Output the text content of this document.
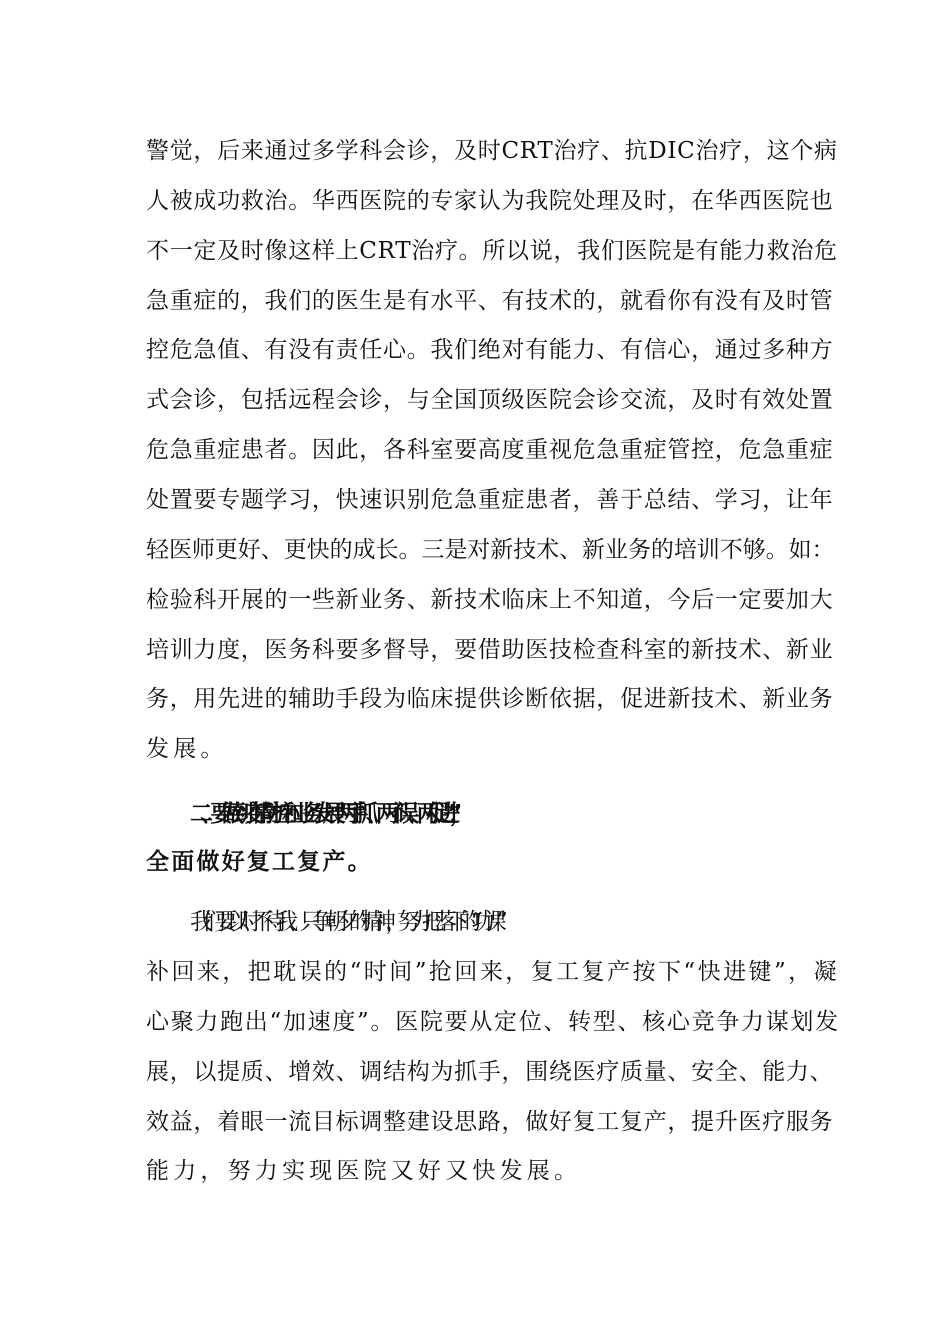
警觉，后来通过多学科会诊，及时CRT治疗、抗DIC治疗，这个病
人被成功救治。华西医院的专家认为我院处理及时，在华西医院也
不一定及时像这样上CRT治疗。所以说，我们医院是有能力救治危
急重症的，我们的医生是有水平、有技术的，就看你有没有及时管
控危急值、有没有责任心。我们绝对有能力、有信心，通过多种方
式会诊，包括远程会诊，与全国顶级医院会诊交流，及时有效处置
危急重症患者。因此，各科室要高度重视危急重症管控，危急重症
处置要专题学习，快速识别危急重症患者，善于总结、学习，让年
轻医师更好、更快的成长。三是对新技术、新业务的培训不够。如：
检验科开展的一些新业务、新技术临床上不知道，今后一定要加大
培训力度，医务科要多督导，要借助医技检查科室的新技术、新业
务，用先进的辅助手段为临床提供诊断依据，促进新技术、新业务
发展。
二、要做到疫情防控和业务发展“两手抓、两不误、两促进”，
全面做好复工复产。
我们要以时不待我、只争朝夕的精神，努力把落下的“功课”
补回来，把耽误的“时间”抢回来，复工复产按下“快进键”，凝
心聚力跑出“加速度”。医院要从定位、转型、核心竞争力谋划发
展，以提质、增效、调结构为抓手，围绕医疗质量、安全、能力、
效益，着眼一流目标调整建设思路，做好复工复产，提升医疗服务
能力，努力实现医院又好又快发展。
